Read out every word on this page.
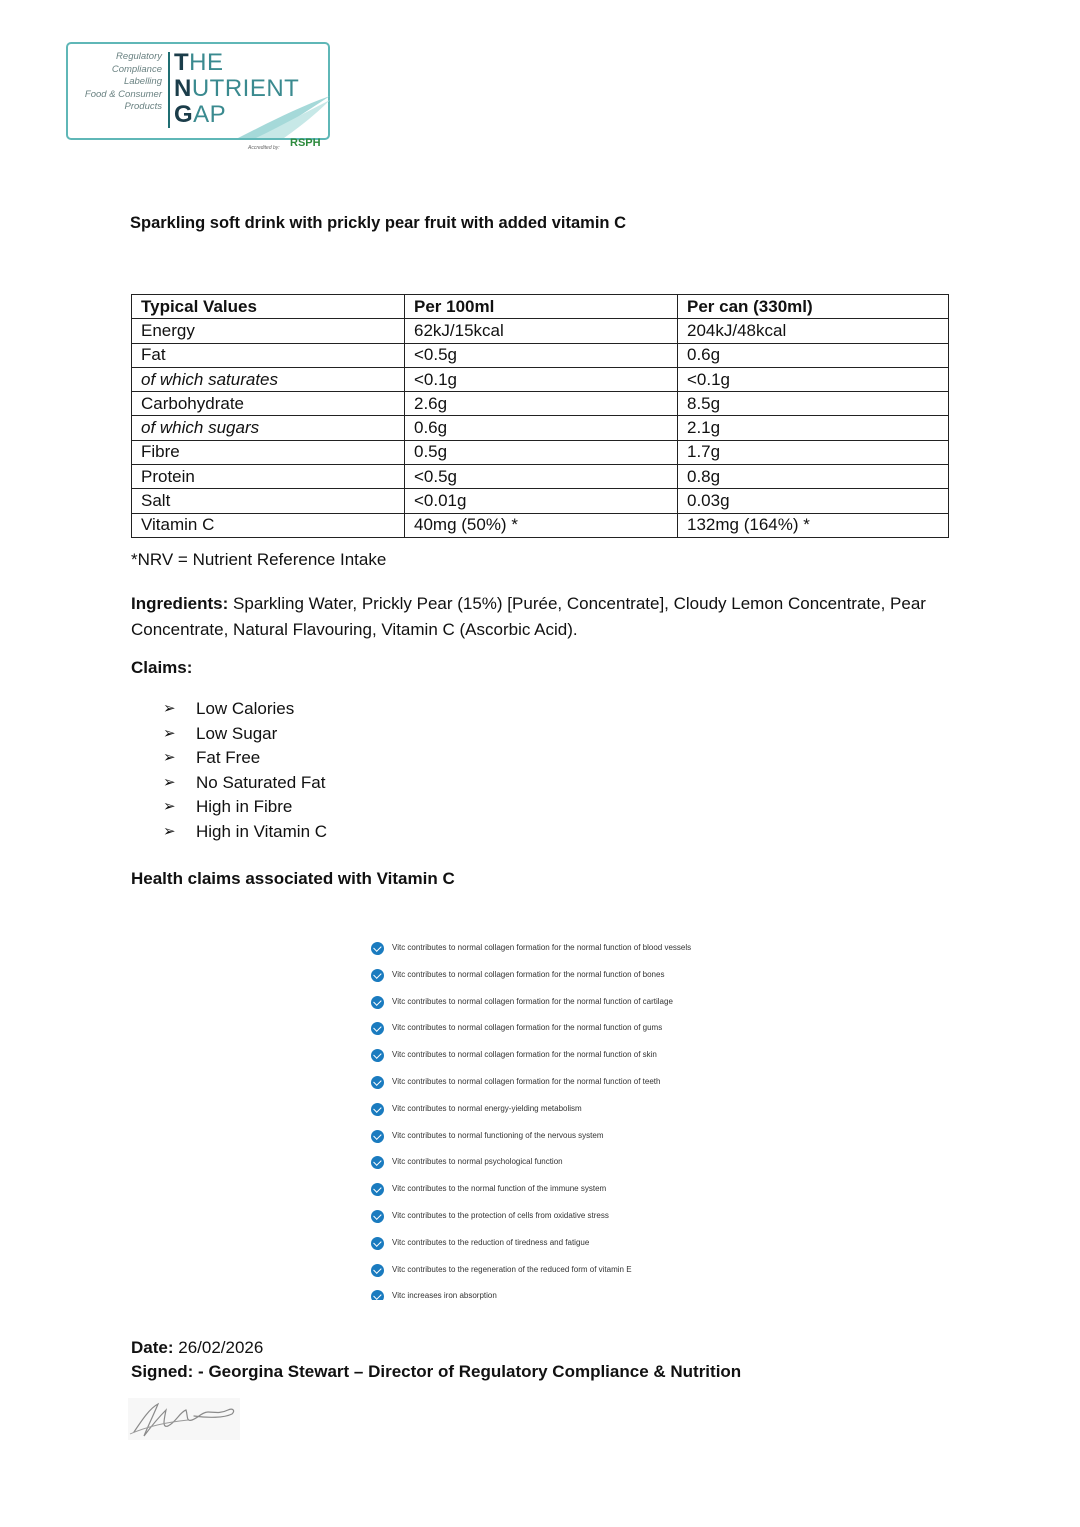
Regulatory
Compliance
Labelling
Food & Consumer
Products
THE
NUTRIENT
GAP
Accredited by: RSPH
Sparkling soft drink with prickly pear fruit with added vitamin C
Typical Values	Per 100ml	Per can (330ml)
Energy	62kJ/15kcal	204kJ/48kcal
Fat	<0.5g	0.6g
of which saturates	<0.1g	<0.1g
Carbohydrate	2.6g	8.5g
of which sugars	0.6g	2.1g
Fibre	0.5g	1.7g
Protein	<0.5g	0.8g
Salt	<0.01g	0.03g
Vitamin C	40mg (50%) *	132mg (164%) *
*NRV = Nutrient Reference Intake
Ingredients: Sparkling Water, Prickly Pear (15%) [Purée, Concentrate], Cloudy Lemon Concentrate, Pear Concentrate, Natural Flavouring, Vitamin C (Ascorbic Acid).
Claims:
➢	Low Calories
➢	Low Sugar
➢	Fat Free
➢	No Saturated Fat
➢	High in Fibre
➢	High in Vitamin C
Health claims associated with Vitamin C
Vitc contributes to normal collagen formation for the normal function of blood vessels
Vitc contributes to normal collagen formation for the normal function of bones
Vitc contributes to normal collagen formation for the normal function of cartilage
Vitc contributes to normal collagen formation for the normal function of gums
Vitc contributes to normal collagen formation for the normal function of skin
Vitc contributes to normal collagen formation for the normal function of teeth
Vitc contributes to normal energy-yielding metabolism
Vitc contributes to normal functioning of the nervous system
Vitc contributes to normal psychological function
Vitc contributes to the normal function of the immune system
Vitc contributes to the protection of cells from oxidative stress
Vitc contributes to the reduction of tiredness and fatigue
Vitc contributes to the regeneration of the reduced form of vitamin E
Vitc increases iron absorption
Date: 26/02/2026
Signed: - Georgina Stewart – Director of Regulatory Compliance & Nutrition
